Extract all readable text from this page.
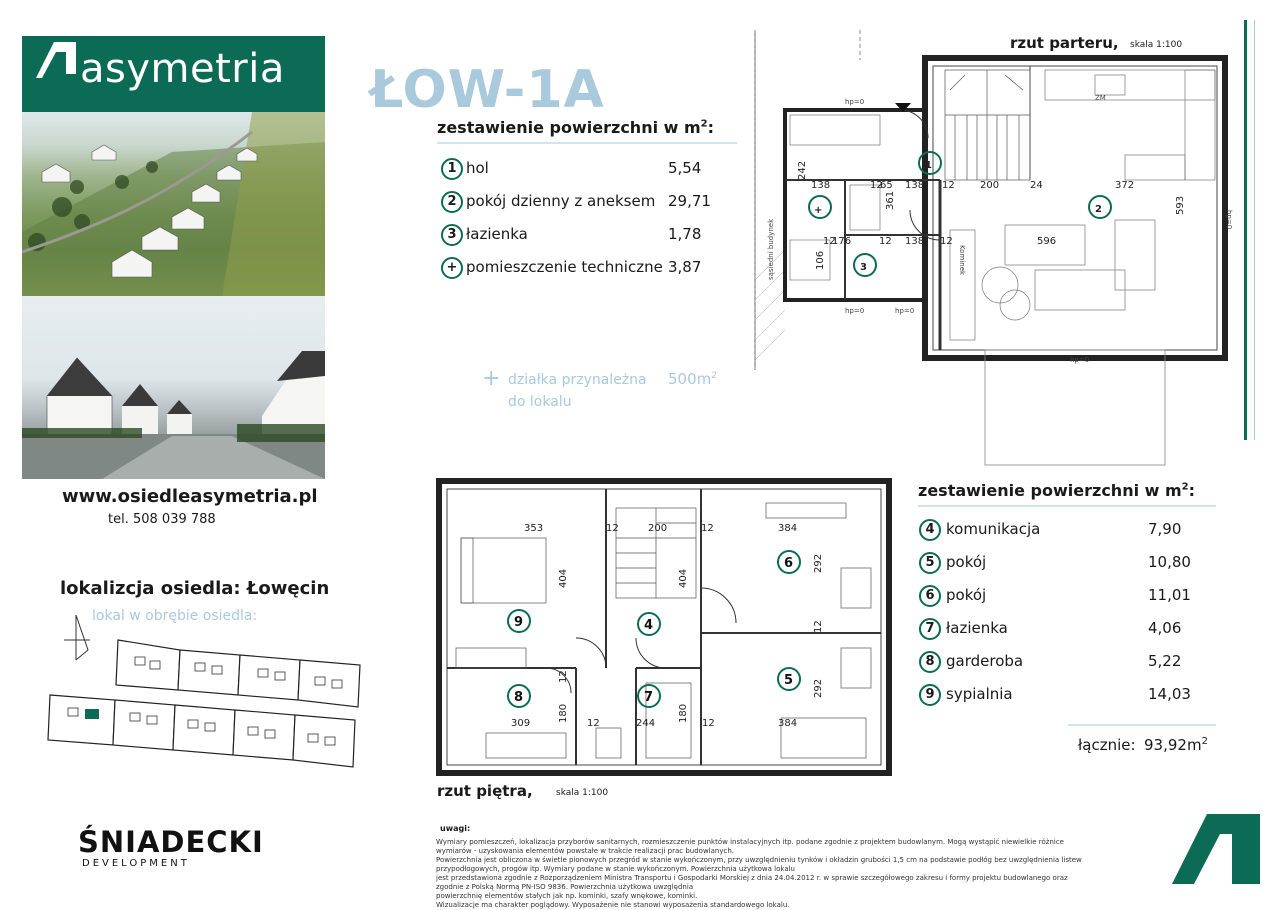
asymetria ŁOW-1A
zestawienie powierzchni w $m^2$:
1 hol	5,54
2 pokój dzienny z aneksem 29,71
3 łazienka	1,78
+ pomieszczenie techniczne 3,87
+ działka przynależna $500m^2$
do lokalu
rzut parteru, skala 1:100
1
2
3
+
242
138	12
65 138 12	200	24	372
361	593
596
138 12
12
176	12
106
hp=0
hp=0	hp=0
hp=0
hp=0
ZM
Kominek
sąsiedni budynek
6
4
9
5
8	7
353	12	200	12	384
404	404
292
12
292
12
309
180
12	244
180
12	384
rzut piętra,	skala 1:100
zestawienie powierzchni w $m^2$:
4 komunikacja	7,90
5 pokój	10,80
6 pokój	11,01
7 łazienka	4,06
8 garderoba	5,22
9 sypialnia	14,03
łącznie: $93,92m^2$
www.osiedleasymetria.pl
tel. 508 039 788
lokalizcja osiedla: Łowęcin
lokal w obrębie osiedla:
ŚNIADECKI
DEVELOPMENT
uwagi:
Wymiary pomieszczeń, lokalizacja przyborów sanitarnych, rozmieszczenie punktów instalacyjnych itp. podane zgodnie z projektem budowlanym. Mogą wystąpić niewielkie różnice wymiarów - uzyskowania elementów powstałe w trakcie realizacji prac budowlanych.
Powierzchnia jest obliczona w świetle pionowych przegród w stanie wykończonym, przy uwzględnieniu tynków i okładzin grubości 1,5 cm na podstawie podłóg bez uwzględnienia listew przypodłogowych, progów itp. Wymiary podane w stanie wykończonym. Powierzchnia użytkowa lokalu
jest przedstawiona zgodnie z Rozporządzeniem Ministra Transportu i Gospodarki Morskiej z dnia 24.04.2012 r. w sprawie szczegółowego zakresu i formy projektu budowlanego oraz zgodnie z Polską Normą PN-ISO 9836. Powierzchnia użytkowa uwzględnia
powierzchnię elementów stałych jak np. kominki, szafy wnękowe, kominki.
Wizualizacje ma charakter poglądowy. Wyposażenie nie stanowi wyposażenia standardowego lokalu.
